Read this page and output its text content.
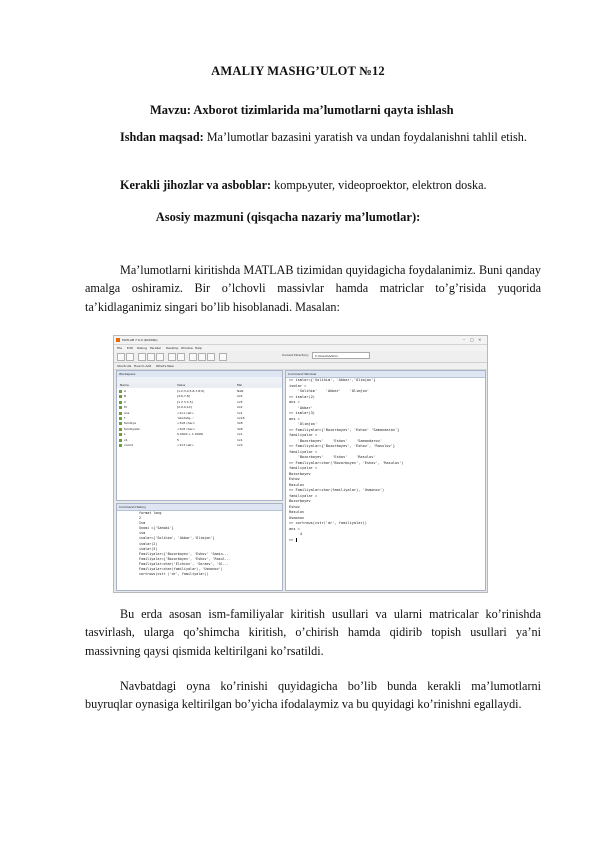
AMALIY MASHG’ULOT №12
Mavzu: Axborot tizimlarida ma’lumotlarni qayta ishlash
Ishdan maqsad: Ma’lumotlar bazasini yaratish va undan foydalanishni tahlil etish.
Kerakli jihozlar va asboblar: kompьyuter, videoproektor, elektron doska.
Asosiy mazmuni (qisqacha nazariy ma’lumotlar):
Ma’lumotlarni kiritishda MATLAB tizimidan quyidagicha foydalanimiz. Buni qanday amalga oshiramiz. Bir o’lchovli massivlar hamda matriclar to’g’risida yuqorida ta’kidlaganimiz singari bo’lib hisoblanadi. Masalan:
MATLAB 7.9.0 (R2009b)	– □ ×
File Edit Debug Parallel Desktop Window Help
Current Directory:	C:\Users\Admin
Shortcuts How to Add What's New
Workspace
Name	Value	Min
A	[1,2,3,4;5,6,7,8;9]	NaN
B	[4,6,7,8]	2x4
C	[1 2 3 4 5]	1x5
M	[2,0,0,10]	2x2
ans	<1x1 cell>	1x1
f	'Abcdefg...'	1x16
familiya	<3x8 char>	3x8
familiyalar	<3x8 char>	3x8
s	5.0000 + 1.0000i	1x1
x1	5	1x1
xnomi	<1x3 cell>	1x3
Command History
format long
2
Ism
Xnomi ={'Sahobi'}
ism
ismlar={'Solihim', 'Akbar','Olimjon'}
ismlar(2)
ismlar(3)
Familiyalar={'Bozorboyev', 'Eshov' 'Samin...
Familiyalar={'Bozorboyev', 'Eshov', 'Rasul...
Familiyalar=char('Elchiev', 'Soraev', 'Ol...
Familiyalar=char(familiyalar), 'Usmonov')
cortrows(cstr ('dr', familiyalar))
Command Window
>> ismlar={'Solihim', 'Akbar','Olimjon'}
ismlar =
'Solihim'    'Akbar'    'Olimjon'
>> ismlar(2)
ans =
'Akbar'
>> ismlar(3)
ans =
'Olimjon'
>> Familiyalar={'Bozorboyev', 'Eshov' 'Samandarov'}
familiyalar =
'Bozorboyev'    'Eshov'    'Samandarov'
>> Familiyalar={'Bozorboyev', 'Eshov', 'Rasulov'}
familiyalar =
'Bozorboyev'    'Eshov'    'Rasulov'
>> Familiyalar=char('Bozorboyev', 'Eshov', 'Rasulov')
familiyalar =
Bozorboyev
Eshov
Rasulov
>> Familiyalar=char(familiyalar), 'Usmonov')
familiyalar =
Bozorboyev
Eshov
Rasulov
Usmonov
>> cortrows(cstr('dr', familiyalar))
ans =
4
>>
Bu erda asosan ism-familiyalar kiritish usullari va ularni matricalar ko’rinishda tasvirlash, ularga qo’shimcha kiritish, o’chirish hamda qidirib topish usullari ya’ni massivning qaysi qismida keltirilgani ko’rsatildi.
Navbatdagi oyna ko’rinishi quyidagicha bo’lib bunda kerakli ma’lumotlarni buyruqlar oynasiga keltirilgan bo’yicha ifodalaymiz va bu quyidagi ko’rinishni egallaydi.
